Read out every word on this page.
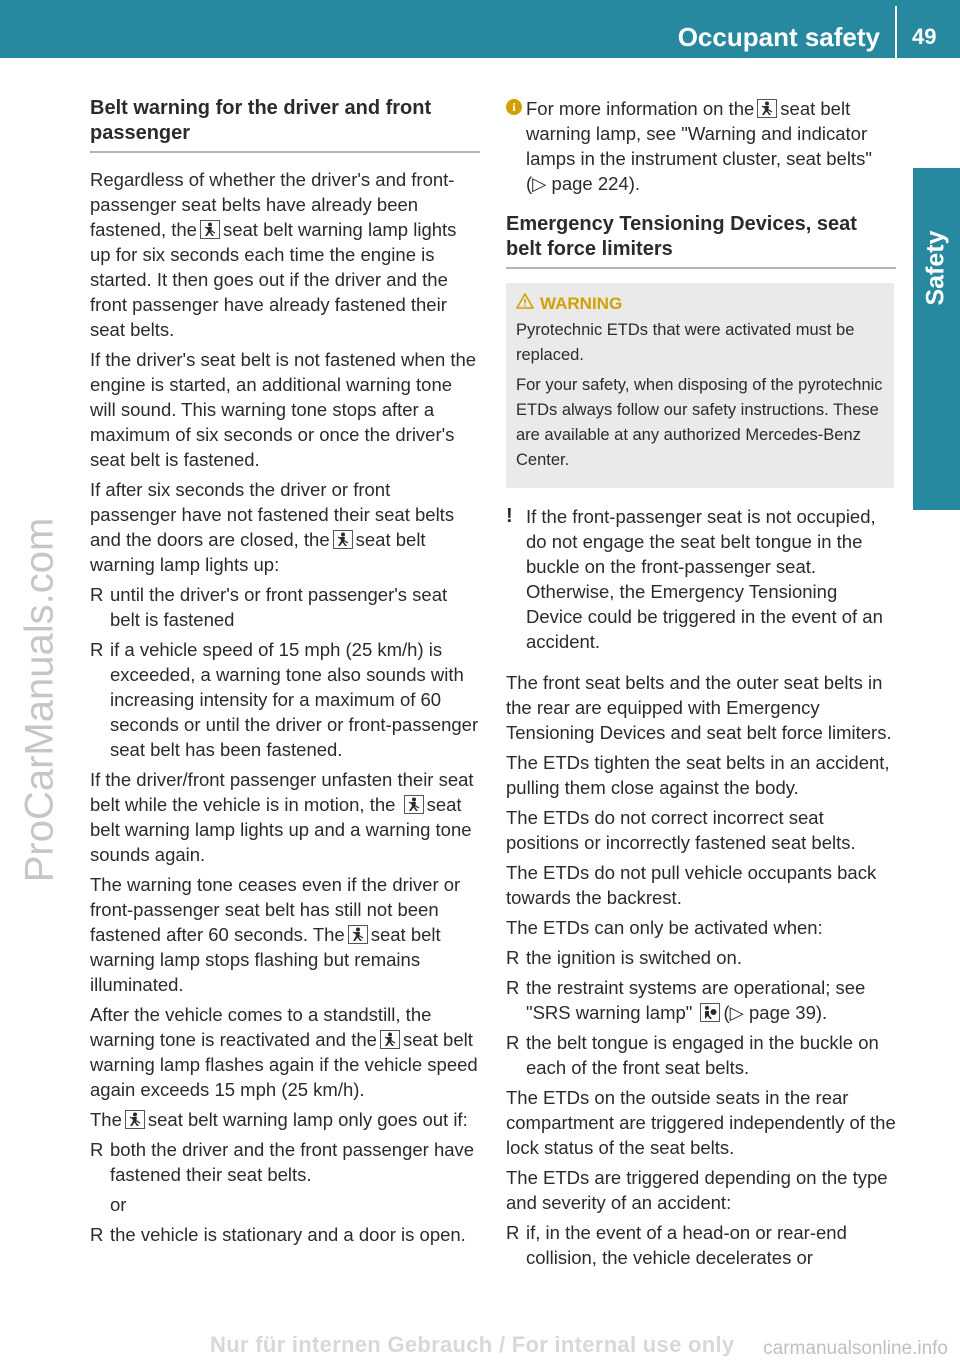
Occupant safety 49
Safety
ProCarManuals.com
Belt warning for the driver and front passenger

Regardless of whether the driver's and front-passenger seat belts have already been fastened, the seat belt warning lamp lights up for six seconds each time the engine is started. It then goes out if the driver and the front passenger have already fastened their seat belts.

If the driver's seat belt is not fastened when the engine is started, an additional warning tone will sound. This warning tone stops after a maximum of six seconds or once the driver's seat belt is fastened.

If after six seconds the driver or front passenger have not fastened their seat belts and the doors are closed, the seat belt warning lamp lights up:

R until the driver's or front passenger's seat belt is fastened
R if a vehicle speed of 15 mph (25 km/h) is exceeded, a warning tone also sounds with increasing intensity for a maximum of 60 seconds or until the driver or front-passenger seat belt has been fastened.

If the driver/front passenger unfasten their seat belt while the vehicle is in motion, the seat belt warning lamp lights up and a warning tone sounds again.

The warning tone ceases even if the driver or front-passenger seat belt has still not been fastened after 60 seconds. The seat belt warning lamp stops flashing but remains illuminated.

After the vehicle comes to a standstill, the warning tone is reactivated and the seat belt warning lamp flashes again if the vehicle speed again exceeds 15 mph (25 km/h).

The seat belt warning lamp only goes out if:

R both the driver and the front passenger have fastened their seat belts.
or
R the vehicle is stationary and a door is open.
i For more information on the seat belt warning lamp, see "Warning and indicator lamps in the instrument cluster, seat belts" (▷ page 224).
Emergency Tensioning Devices, seat belt force limiters
WARNING

Pyrotechnic ETDs that were activated must be replaced.

For your safety, when disposing of the pyrotechnic ETDs always follow our safety instructions. These are available at any authorized Mercedes-Benz Center.

! If the front-passenger seat is not occupied, do not engage the seat belt tongue in the buckle on the front-passenger seat. Otherwise, the Emergency Tensioning Device could be triggered in the event of an accident.

The front seat belts and the outer seat belts in the rear are equipped with Emergency Tensioning Devices and seat belt force limiters.

The ETDs tighten the seat belts in an accident, pulling them close against the body.

The ETDs do not correct incorrect seat positions or incorrectly fastened seat belts.

The ETDs do not pull vehicle occupants back towards the backrest.

The ETDs can only be activated when:

R the ignition is switched on.
R the restraint systems are operational; see "SRS warning lamp" (▷ page 39).
R the belt tongue is engaged in the buckle on each of the front seat belts.

The ETDs on the outside seats in the rear compartment are triggered independently of the lock status of the seat belts.

The ETDs are triggered depending on the type and severity of an accident:

R if, in the event of a head-on or rear-end collision, the vehicle decelerates or
Nur für internen Gebrauch / For internal use only carmanualsonline.info
